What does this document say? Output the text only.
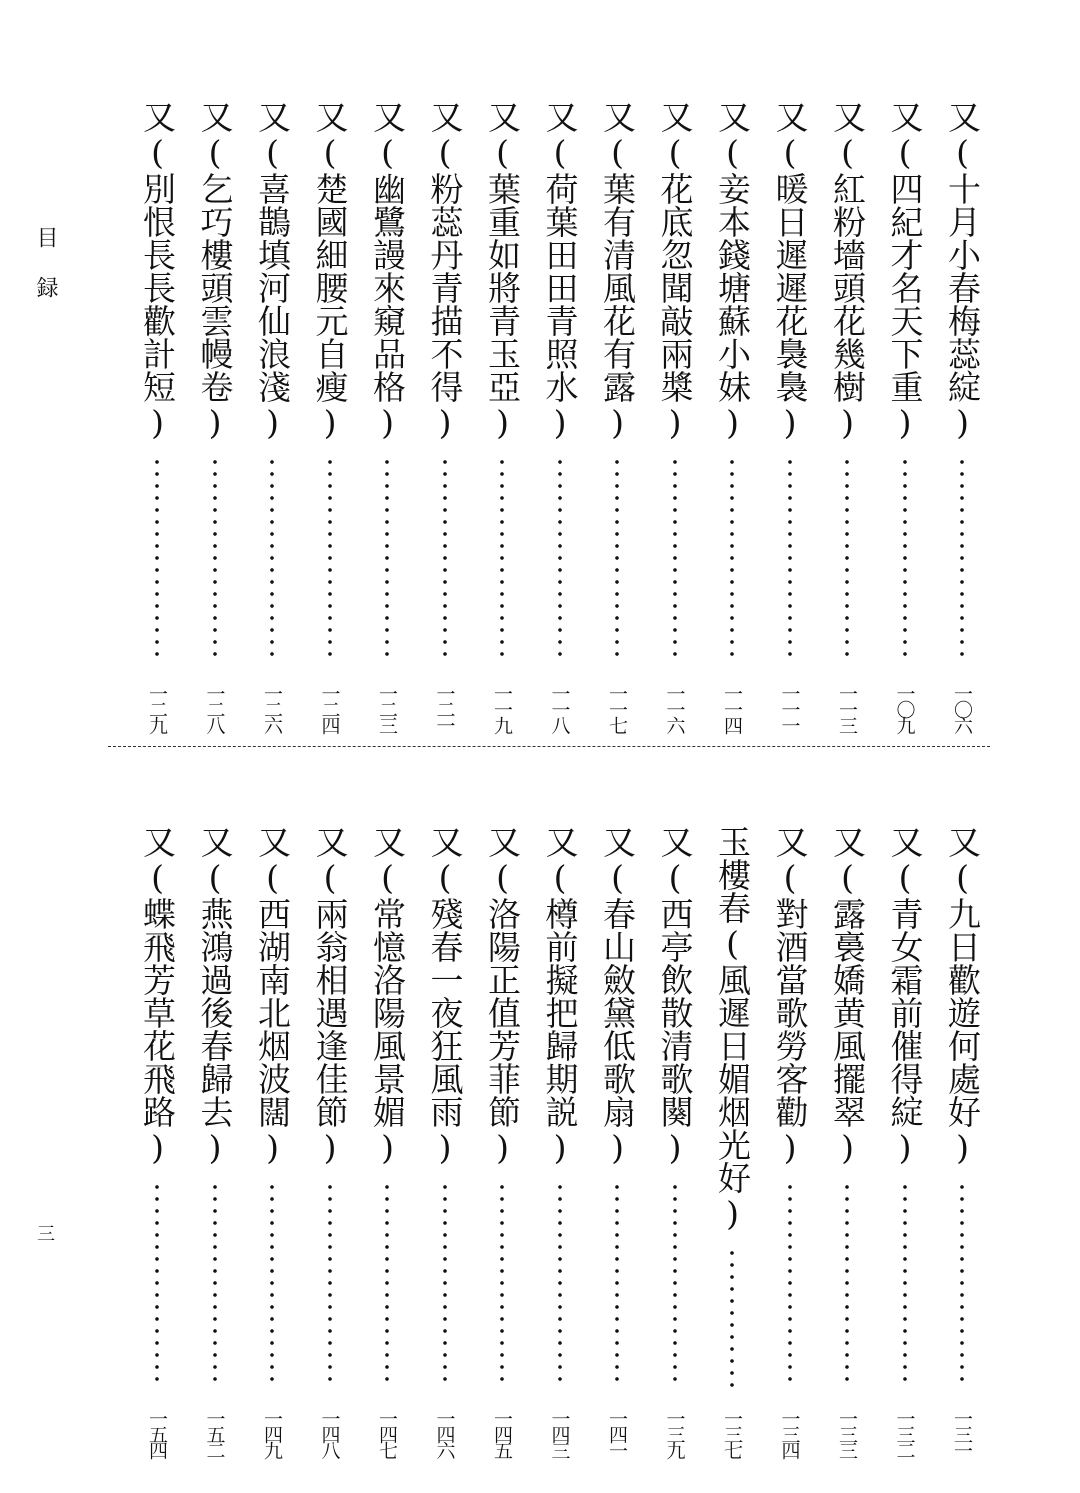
目録
三
又(十月小春梅蕊綻)
一〇六
又(四紀才名天下重)
一〇九
又(紅粉墻頭花幾樹)
一一三
又(暖日遲遲花裊裊)
一一一
又(妾本錢塘蘇小妹)
一一四
又(花底忽聞敲兩槳)
一一六
又(葉有清風花有露)
一一七
又(荷葉田田青照水)
一一八
又(葉重如將青玉亞)
一一九
又(粉蕊丹青描不得)
一二一
又(幽鷺謾來窺品格)
一二三
又(楚國細腰元自瘦)
一二四
又(喜鵲填河仙浪淺)
一二六
又(乞巧樓頭雲幔卷)
一二八
又(別恨長長歡計短)
一二九
又(九日歡遊何處好)
一三一
又(青女霜前催得綻)
一三二
又(露裛嬌黄風擺翠)
一三三
又(對酒當歌勞客勸)
一三四
玉樓春(風遲日媚烟光好)
一三七
又(西亭飲散清歌闋)
一三九
又(春山斂黛低歌扇)
一四一
又(樽前擬把歸期説)
一四三
又(洛陽正值芳菲節)
一四五
又(殘春一夜狂風雨)
一四六
又(常憶洛陽風景媚)
一四七
又(兩翁相遇逢佳節)
一四八
又(西湖南北烟波闊)
一四九
又(燕鴻過後春歸去)
一五二
又(蝶飛芳草花飛路)
一五四
